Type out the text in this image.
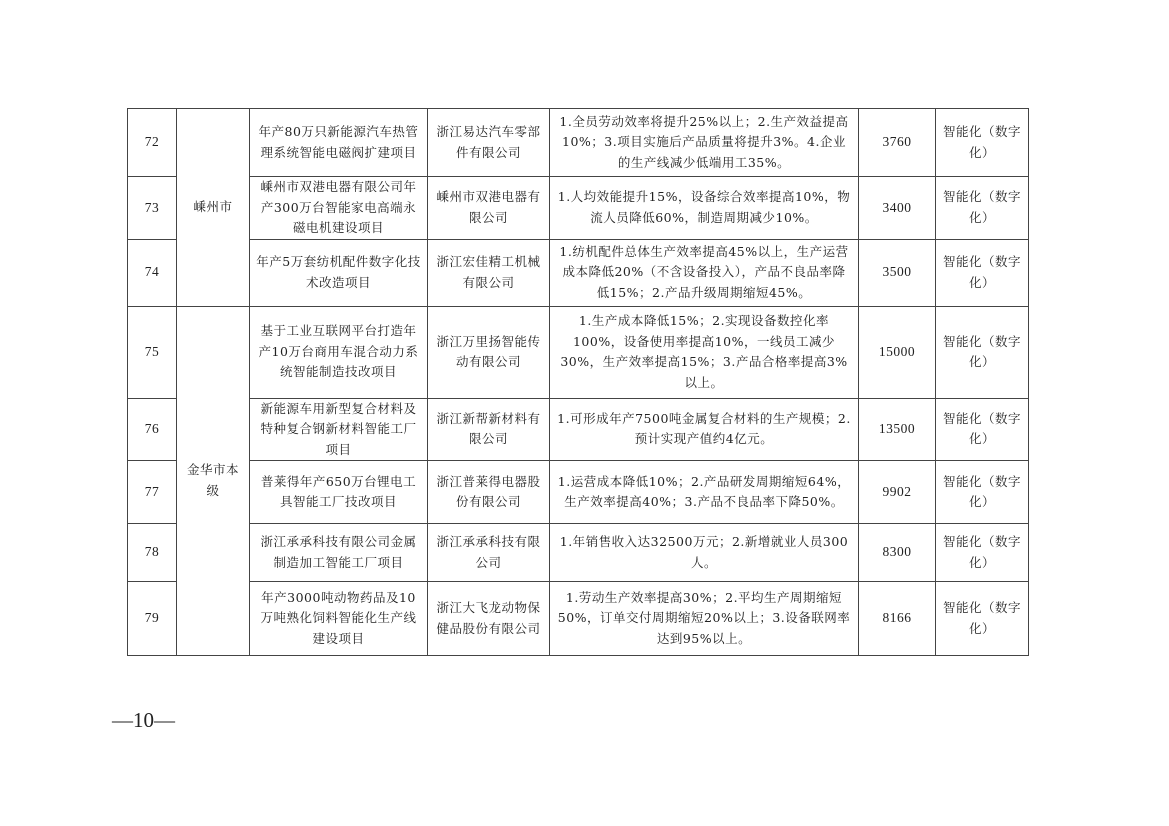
72	嵊州市	年产80万只新能源汽车热管理系统智能电磁阀扩建项目	浙江易达汽车零部件有限公司	1.全员劳动效率将提升25%以上；2.生产效益提高10%；3.项目实施后产品质量将提升3%。4.企业的生产线减少低端用工35%。	3760	智能化（数字化）
73		嵊州市双港电器有限公司年产300万台智能家电高端永磁电机建设项目	嵊州市双港电器有限公司	1.人均效能提升15%，设备综合效率提高10%，物流人员降低60%，制造周期减少10%。	3400	智能化（数字化）
74		年产5万套纺机配件数字化技术改造项目	浙江宏佳精工机械有限公司	1.纺机配件总体生产效率提高45%以上，生产运营成本降低20%（不含设备投入），产品不良品率降低15%；2.产品升级周期缩短45%。	3500	智能化（数字化）
75	金华市本级	基于工业互联网平台打造年产10万台商用车混合动力系统智能制造技改项目	浙江万里扬智能传动有限公司	1.生产成本降低15%；2.实现设备数控化率100%，设备使用率提高10%，一线员工减少30%，生产效率提高15%；3.产品合格率提高3%以上。	15000	智能化（数字化）
76		新能源车用新型复合材料及特种复合钢新材料智能工厂项目	浙江新帮新材料有限公司	1.可形成年产7500吨金属复合材料的生产规模；2.预计实现产值约4亿元。	13500	智能化（数字化）
77		普莱得年产650万台锂电工具智能工厂技改项目	浙江普莱得电器股份有限公司	1.运营成本降低10%；2.产品研发周期缩短64%，生产效率提高40%；3.产品不良品率下降50%。	9902	智能化（数字化）
78		浙江承承科技有限公司金属制造加工智能工厂项目	浙江承承科技有限公司	1.年销售收入达32500万元；2.新增就业人员300人。	8300	智能化（数字化）
79		年产3000吨动物药品及10万吨熟化饲料智能化生产线建设项目	浙江大飞龙动物保健品股份有限公司	1.劳动生产效率提高30%；2.平均生产周期缩短50%，订单交付周期缩短20%以上；3.设备联网率达到95%以上。	8166	智能化（数字化）
—10—
